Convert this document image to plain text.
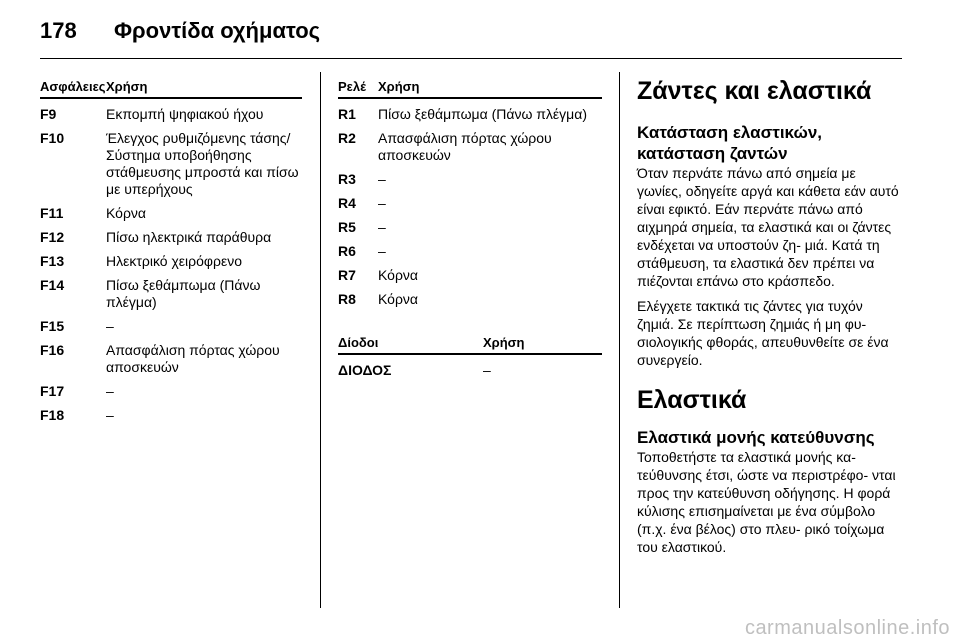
178 Φροντίδα οχήματος
Ασφάλειες Χρήση
F9	Εκπομπή ψηφιακού ήχου
F10	Έλεγχος ρυθμιζόμενης τάσης/Σύστημα υποβοήθησης στάθμευσης μπροστά και πίσω με υπερήχους
F11	Κόρνα
F12	Πίσω ηλεκτρικά παράθυρα
F13	Ηλεκτρικό χειρόφρενο
F14	Πίσω ξεθάμπωμα (Πάνω πλέγμα)
F15	–
F16	Απασφάλιση πόρτας χώρου αποσκευών
F17	–
F18	–
Ρελέ Χρήση
R1	Πίσω ξεθάμπωμα (Πάνω πλέγμα)
R2	Απασφάλιση πόρτας χώρου αποσκευών
R3	–
R4	–
R5	–
R6	–
R7	Κόρνα
R8	Κόρνα
Δίοδοι	Χρήση
ΔΙΟΔΟΣ	–
Ζάντες και ελαστικά
Κατάσταση ελαστικών, κατάσταση ζαντών

Όταν περνάτε πάνω από σημεία με γωνίες, οδηγείτε αργά και κάθετα εάν αυτό είναι εφικτό. Εάν περνάτε πάνω από αιχμηρά σημεία, τα ελαστικά και οι ζάντες ενδέχεται να υποστούν ζη- μιά. Κατά τη στάθμευση, τα ελαστικά δεν πρέπει να πιέζονται επάνω στο κράσπεδο.

Ελέγχετε τακτικά τις ζάντες για τυχόν ζημιά. Σε περίπτωση ζημιάς ή μη φυ- σιολογικής φθοράς, απευθυνθείτε σε ένα συνεργείο.

Ελαστικά
Ελαστικά μονής κατεύθυνσης

Τοποθετήστε τα ελαστικά μονής κα- τεύθυνσης έτσι, ώστε να περιστρέφο- νται προς την κατεύθυνση οδήγησης. Η φορά κύλισης επισημαίνεται με ένα σύμβολο (π.χ. ένα βέλος) στο πλευ- ρικό τοίχωμα του ελαστικού.

carmanualsonline.info
